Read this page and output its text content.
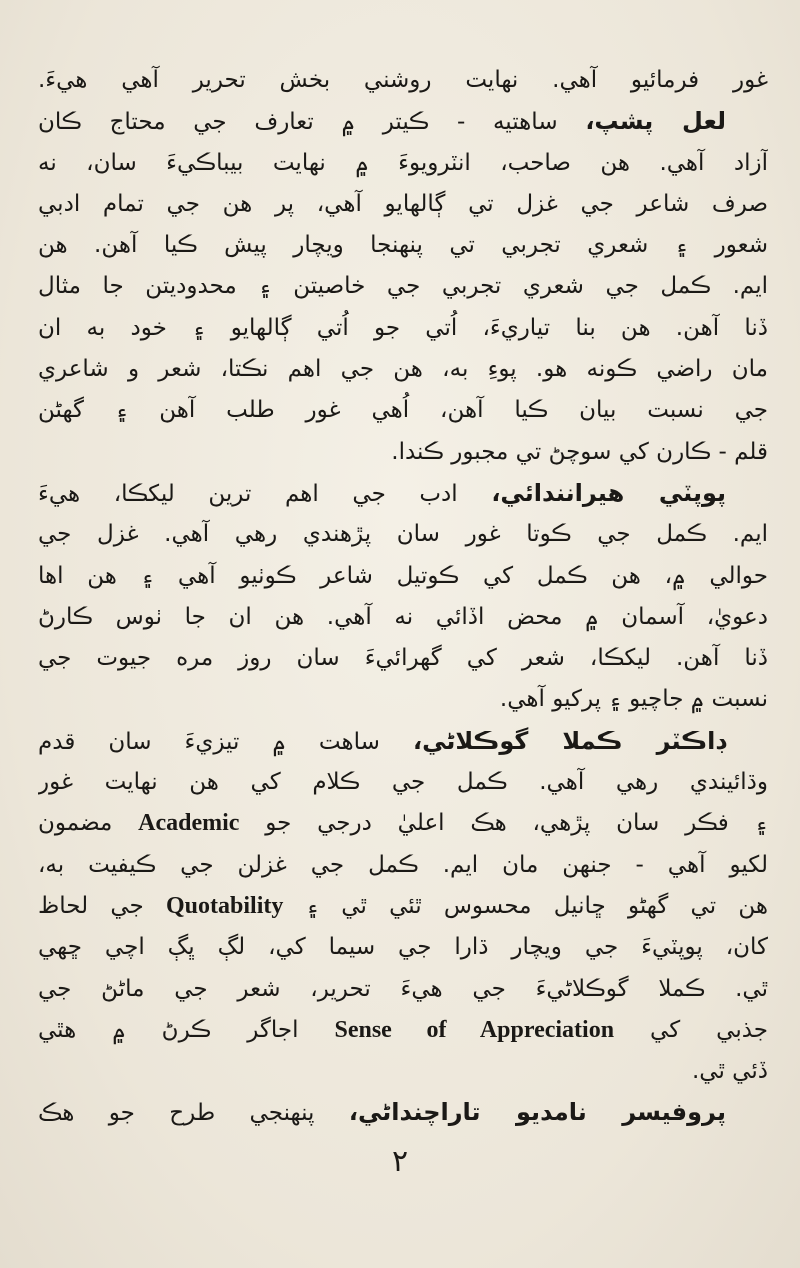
غور فرمائيو آهي. نهايت روشني بخش تحرير آهي هيءَ.
لعل پشپ، ساهتيه - ڪيتر ۾ تعارف جي محتاج ڪان
آزاد آهي. هن صاحب، انٽرويوءَ ۾ نهايت بيباڪيءَ سان، نه
صرف شاعر جي غزل تي ڳالهايو آهي، پر هن جي تمام ادبي
شعور ۽ شعري تجربي تي پنهنجا ويچار پيش ڪيا آهن. هن
ايم. ڪمل جي شعري تجربي جي خاصيتن ۽ محدوديتن جا مثال
ڏنا آهن. هن بنا تياريءَ، اُتي جو اُتي ڳالهايو ۽ خود به ان
مان راضي ڪونه هو. پوءِ به، هن جي اهم نڪتا، شعر و شاعري
جي نسبت بيان ڪيا آهن، اُهي غور طلب آهن ۽ گهڻن
قلم - ڪارن کي سوچڻ تي مجبور ڪندا.
پوپٽي هيرانندائي، ادب جي اهم ترين ليکڪا، هيءَ
ايم. ڪمل جي ڪوتا غور سان پڙهندي رهي آهي. غزل جي
حوالي ۾، هن ڪمل کي ڪوتيل شاعر ڪوٺيو آهي ۽ هن اها
دعويٰ، آسمان ۾ محض اڏائي نه آهي. هن ان جا ٺوس ڪارڻ
ڏنا آهن. ليکڪا، شعر کي گهرائيءَ سان روز مره جيوت جي
نسبت ۾ جاچيو ۽ پرکيو آهي.
ڊاڪٽر ڪملا گوڪلاڻي، ساهت ۾ تيزيءَ سان قدم
وڌائيندي رهي آهي. ڪمل جي ڪلام کي هن نهايت غور
۽ فڪر سان پڙهي، هڪ اعليٰ درجي جو Academic مضمون
لکيو آهي - جنهن مان ايم. ڪمل جي غزلن جي ڪيفيت به،
هن تي گهڻو ڇانيل محسوس ٿئي ٿي ۽ Quotability جي لحاظ
کان، پوپٽيءَ جي ويچار ڌارا جي سيما کي، لڳ ڀڳ اچي ڇهي
ٿي. ڪملا گوڪلاڻيءَ جي هيءَ تحرير، شعر جي ماڻڻ جي
جذبي کي Sense of Appreciation اجاگر ڪرڻ ۾ هٿي
ڏئي ٿي.
پروفيسر نامديو تاراچنداڻي، پنهنجي طرح جو هڪ
٢
